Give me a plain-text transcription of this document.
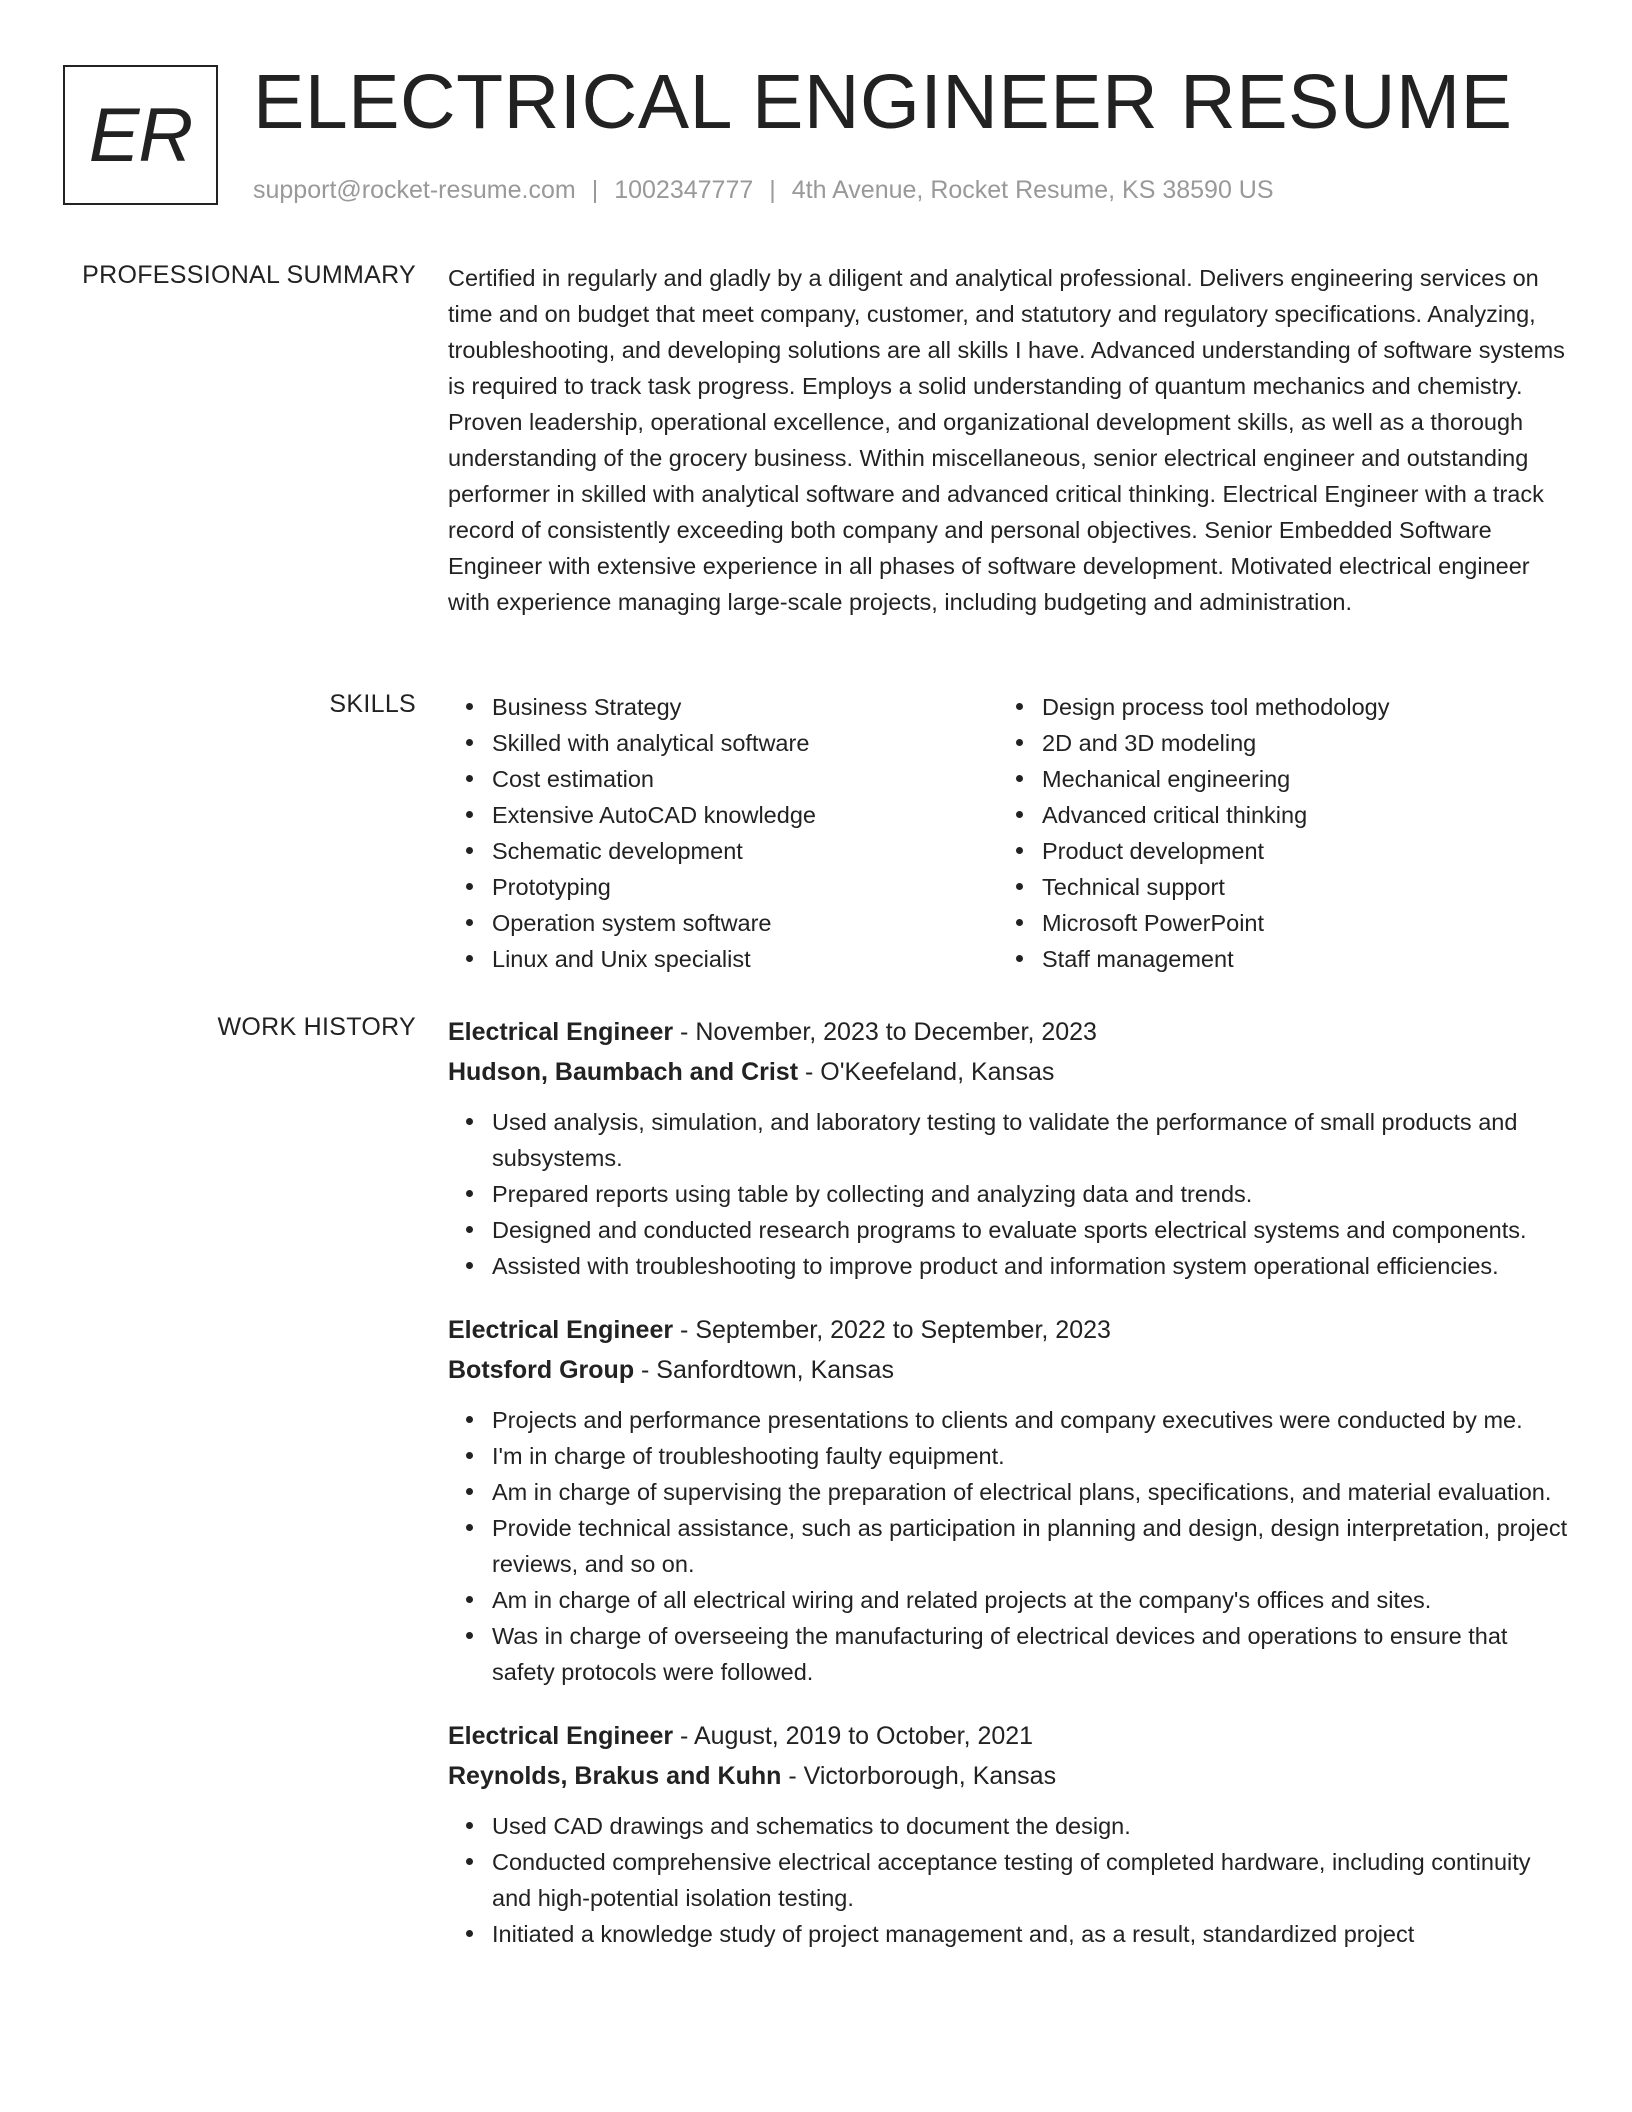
ER ELECTRICAL ENGINEER RESUME
support@rocket-resume.com | 1002347777 | 4th Avenue, Rocket Resume, KS 38590 US
PROFESSIONAL SUMMARY Certified in regularly and gladly by a diligent and analytical professional. Delivers engineering services on time and on budget that meet company, customer, and statutory and regulatory specifications. Analyzing, troubleshooting, and developing solutions are all skills I have. Advanced understanding of software systems is required to track task progress. Employs a solid understanding of quantum mechanics and chemistry. Proven leadership, operational excellence, and organizational development skills, as well as a thorough understanding of the grocery business. Within miscellaneous, senior electrical engineer and outstanding performer in skilled with analytical software and advanced critical thinking. Electrical Engineer with a track record of consistently exceeding both company and personal objectives. Senior Embedded Software Engineer with extensive experience in all phases of software development. Motivated electrical engineer with experience managing large-scale projects, including budgeting and administration.

SKILLS	Business Strategy
Skilled with analytical software
Cost estimation
Extensive AutoCAD knowledge
Schematic development
Prototyping
Operation system software
Linux and Unix specialist
Design process tool methodology
2D and 3D modeling
Mechanical engineering
Advanced critical thinking
Product development
Technical support
Microsoft PowerPoint
Staff management
WORK HISTORY Electrical Engineer - November, 2023 to December, 2023
Hudson, Baumbach and Crist - O'Keefeland, Kansas
Used analysis, simulation, and laboratory testing to validate the performance of small products and subsystems.
Prepared reports using table by collecting and analyzing data and trends.
Designed and conducted research programs to evaluate sports electrical systems and components.
Assisted with troubleshooting to improve product and information system operational efficiencies.
Electrical Engineer - September, 2022 to September, 2023
Botsford Group - Sanfordtown, Kansas
Projects and performance presentations to clients and company executives were conducted by me.
I'm in charge of troubleshooting faulty equipment.
Am in charge of supervising the preparation of electrical plans, specifications, and material evaluation.
Provide technical assistance, such as participation in planning and design, design interpretation, project reviews, and so on.
Am in charge of all electrical wiring and related projects at the company's offices and sites.
Was in charge of overseeing the manufacturing of electrical devices and operations to ensure that safety protocols were followed.
Electrical Engineer - August, 2019 to October, 2021
Reynolds, Brakus and Kuhn - Victorborough, Kansas
Used CAD drawings and schematics to document the design.
Conducted comprehensive electrical acceptance testing of completed hardware, including continuity and high-potential isolation testing.
Initiated a knowledge study of project management and, as a result, standardized project
